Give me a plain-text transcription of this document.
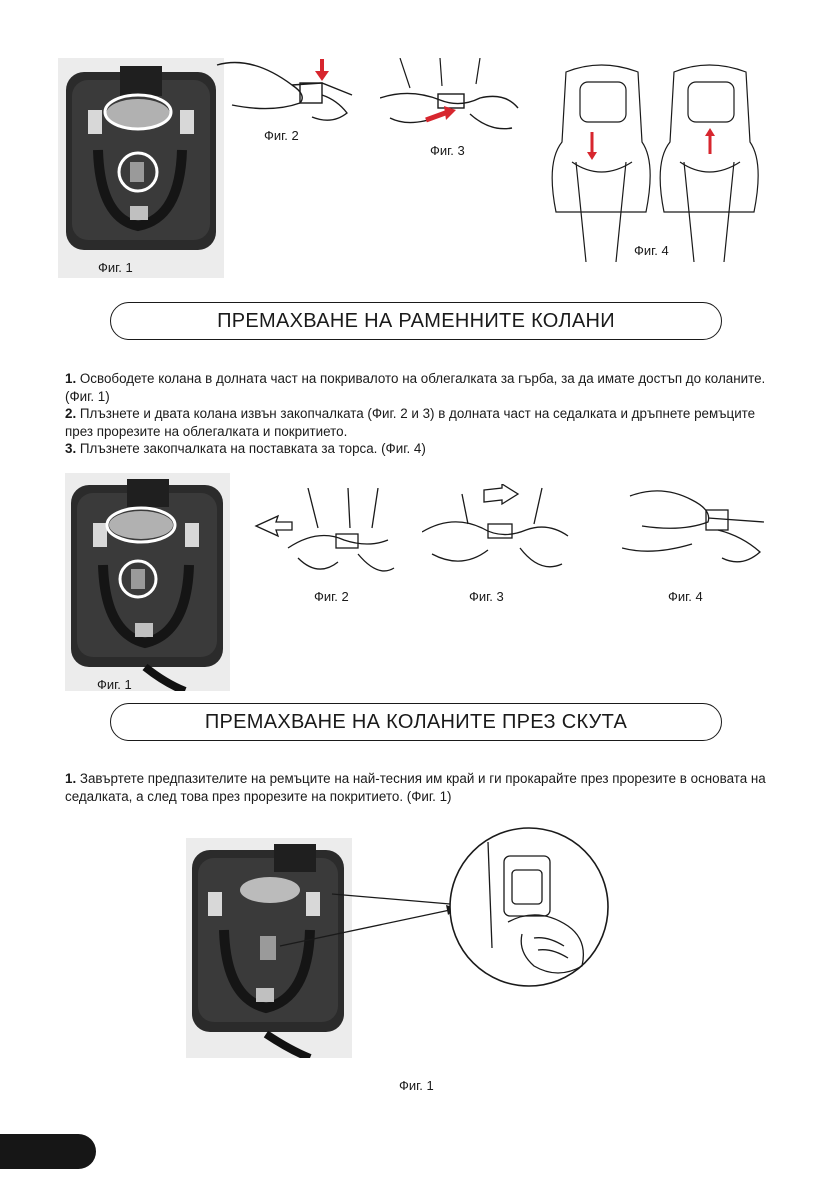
Фиг. 1
Фиг. 2
Фиг. 3
Фиг. 4
ПРЕМАХВАНЕ НА РАМЕННИТЕ КОЛАНИ

1. Освободете колана в долната част на покривалото на облегалката за гърба, за да имате достъп до коланите. (Фиг. 1)

2. Плъзнете и двата колана извън закопчалката (Фиг. 2 и 3) в долната част на седалката и дръпнете ремъците през прорезите на облегалката и покритието.

3. Плъзнете закопчалката на поставката за торса. (Фиг. 4)

Фиг. 1
Фиг. 2	Фиг. 3	Фиг. 4
ПРЕМАХВАНЕ НА КОЛАНИТЕ ПРЕЗ СКУТА

1. Завъртете предпазителите на ремъците на най-тесния им край и ги прокарайте през прорезите в основата на седалката, а след това през прорезите на покритието. (Фиг. 1)

Фиг. 1
